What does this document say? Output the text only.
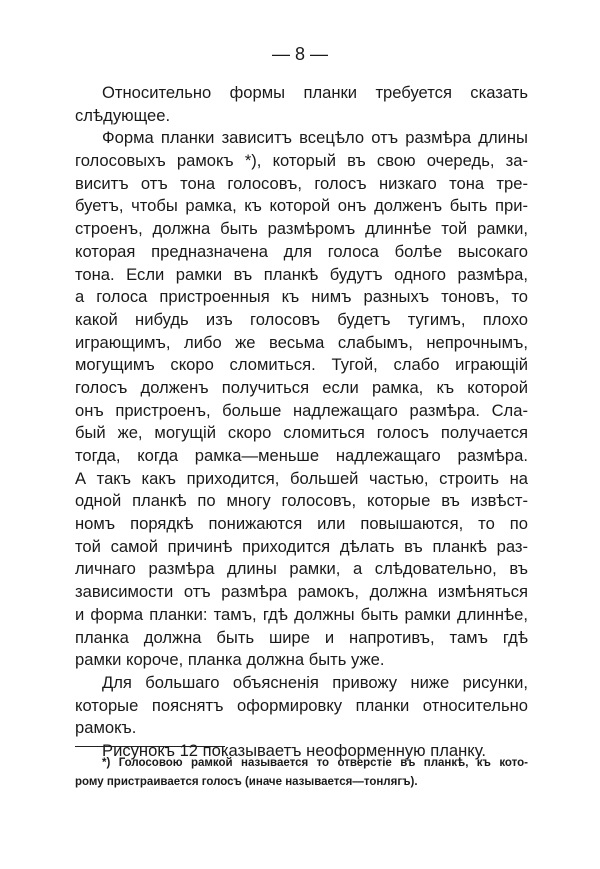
— 8 —
Относительно формы планки требуется сказать
слѣдующее.
Форма планки зависитъ всецѣло отъ размѣра длины
голосовыхъ рамокъ *), который въ свою очередь, за-
виситъ отъ тона голосовъ, голосъ низкаго тона тре-
буетъ, чтобы рамка, къ которой онъ долженъ быть при-
строенъ, должна быть размѣромъ длиннѣе той рамки,
которая предназначена для голоса болѣе высокаго
тона. Если рамки въ планкѣ будутъ одного размѣра,
а голоса пристроенныя къ нимъ разныхъ тоновъ, то
какой нибудь изъ голосовъ будетъ тугимъ, плохо
играющимъ, либо же весьма слабымъ, непрочнымъ,
могущимъ скоро сломиться. Тугой, слабо играющій
голосъ долженъ получиться если рамка, къ которой
онъ пристроенъ, больше надлежащаго размѣра. Сла-
бый же, могущій скоро сломиться голосъ получается
тогда, когда рамка—меньше надлежащаго размѣра.
А такъ какъ приходится, большей частью, строить на
одной планкѣ по многу голосовъ, которые въ извѣст-
номъ порядкѣ понижаются или повышаются, то по
той самой причинѣ приходится дѣлать въ планкѣ раз-
личнаго размѣра длины рамки, а слѣдовательно, въ
зависимости отъ размѣра рамокъ, должна измѣняться
и форма планки: тамъ, гдѣ должны быть рамки длиннѣе,
планка должна быть шире и напротивъ, тамъ гдѣ
рамки короче, планка должна быть уже.
Для большаго объясненія привожу ниже рисунки,
которые пояснятъ оформировку планки относительно
рамокъ.
Рисунокъ 12 показываетъ неоформенную планку.
*) Голосовою рамкой называется то отверстіе въ планкѣ, къ кото-
рому пристраивается голосъ (иначе называется—тонлягъ).
